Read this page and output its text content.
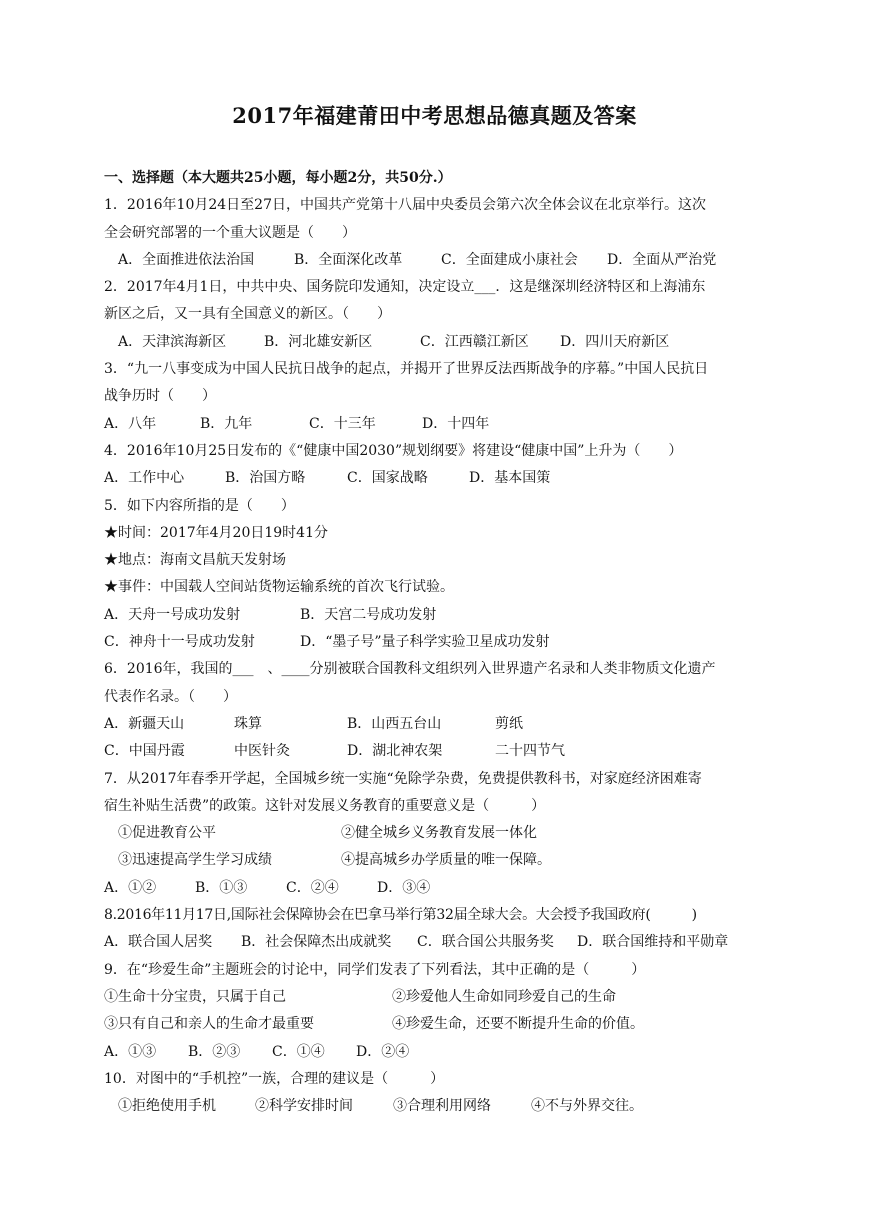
2017年福建莆田中考思想品德真题及答案
一、选择题（本大题共25小题，每小题2分，共50分.）
1．2016年10月24日至27日，中国共产党第十八届中央委员会第六次全体会议在北京举行。这次
全会研究部署的一个重大议题是（　　）
A．全面推进依法治国	B．全面深化改革	C．全面建成小康社会 D．全面从严治党
2．2017年4月1日，中共中央、国务院印发通知，决定设立___．这是继深圳经济特区和上海浦东
新区之后，又一具有全国意义的新区。（　　）
A．天津滨海新区	B．河北雄安新区	C．江西赣江新区 D．四川天府新区
3．“九一八事变成为中国人民抗日战争的起点，并揭开了世界反法西斯战争的序幕。”中国人民抗日
战争历时（　　）
A．八年	B．九年	C．十三年	D．十四年
4．2016年10月25日发布的《“健康中国2030”规划纲要》将建设“健康中国”上升为（　　）
A．工作中心	B．治国方略	C．国家战略	D．基本国策
5．如下内容所指的是（　　）
★时间：2017年4月20日19时41分
★地点：海南文昌航天发射场
★事件：中国载人空间站货物运输系统的首次飞行试验。
A．天舟一号成功发射	B．天宫二号成功发射
C．神舟十一号成功发射	D．“墨子号”量子科学实验卫星成功发射
6．2016年，我国的___　、____分别被联合国教科文组织列入世界遗产名录和人类非物质文化遗产
代表作名录。（　　）
A．新疆天山	珠算	B．山西五台山	剪纸
C．中国丹霞	中医针灸	D．湖北神农架	二十四节气
7．从2017年春季开学起，全国城乡统一实施“免除学杂费，免费提供教科书，对家庭经济困难寄
宿生补贴生活费”的政策。这针对发展义务教育的重要意义是（　　　）
①促进教育公平	②健全城乡义务教育发展一体化
③迅速提高学生学习成绩	④提高城乡办学质量的唯一保障。
A．①②	B．①③	C．②④	D．③④
8.2016年11月17日,国际社会保障协会在巴拿马举行第32届全球大会。大会授予我国政府(　　　)
A．联合国人居奖 B．社会保障杰出成就奖 C．联合国公共服务奖 D．联合国维持和平勋章
9．在“珍爱生命”主题班会的讨论中，同学们发表了下列看法，其中正确的是（　　　）
①生命十分宝贵，只属于自己	②珍爱他人生命如同珍爱自己的生命
③只有自己和亲人的生命才最重要	④珍爱生命，还要不断提升生命的价值。
A．①③ B．②③ C．①④ D．②④
10．对图中的“手机控”一族，合理的建议是（　　　）
①拒绝使用手机	②科学安排时间	③合理利用网络	④不与外界交往。
